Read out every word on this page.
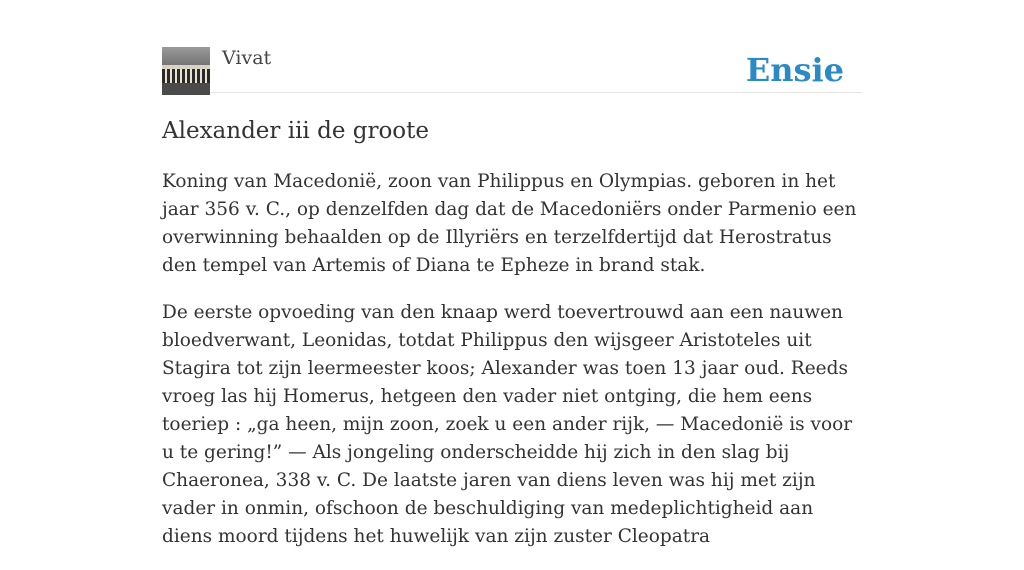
Vivat	Ensie
Alexander iii de groote

Koning van Macedonië, zoon van Philippus en Olympias. geboren in het jaar 356 v. C., op denzelfden dag dat de Macedoniërs onder Parmenio een overwinning behaalden op de Illyriërs en terzelfdertijd dat Herostratus den tempel van Artemis of Diana te Epheze in brand stak.

De eerste opvoeding van den knaap werd toevertrouwd aan een nauwen bloedverwant, Leonidas, totdat Philippus den wijsgeer Aristoteles uit Stagira tot zijn leermeester koos; Alexander was toen 13 jaar oud. Reeds vroeg las hij Homerus, hetgeen den vader niet ontging, die hem eens toeriep : „ga heen, mijn zoon, zoek u een ander rijk, — Macedonië is voor u te gering!” — Als jongeling onderscheidde hij zich in den slag bij Chaeronea, 338 v. C. De laatste jaren van diens leven was hij met zijn vader in onmin, ofschoon de beschuldiging van medeplichtigheid aan diens moord tijdens het huwelijk van zijn zuster Cleopatra
